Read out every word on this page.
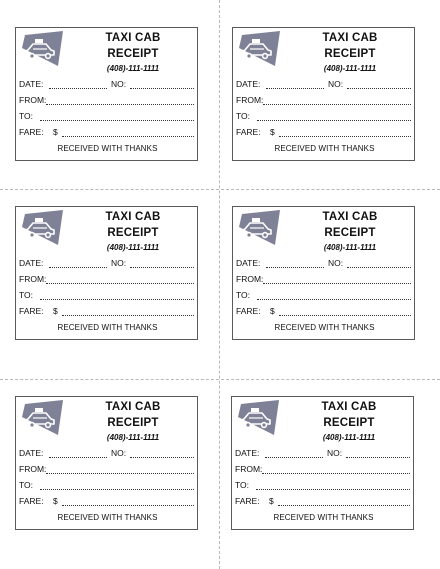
TAXI CAB
RECEIPT
(408)-111-1111
DATE:	NO:
FROM:
TO:
FARE: $
RECEIVED WITH THANKS
TAXI CAB
RECEIPT
(408)-111-1111
DATE:	NO:
FROM:
TO:
FARE: $
RECEIVED WITH THANKS
TAXI CAB
RECEIPT
(408)-111-1111
DATE:	NO:
FROM:
TO:
FARE: $
RECEIVED WITH THANKS
TAXI CAB
RECEIPT
(408)-111-1111
DATE:	NO:
FROM:
TO:
FARE: $
RECEIVED WITH THANKS
TAXI CAB
RECEIPT
(408)-111-1111
DATE:	NO:
FROM:
TO:
FARE: $
RECEIVED WITH THANKS
TAXI CAB
RECEIPT
(408)-111-1111
DATE:	NO:
FROM:
TO:
FARE: $
RECEIVED WITH THANKS
